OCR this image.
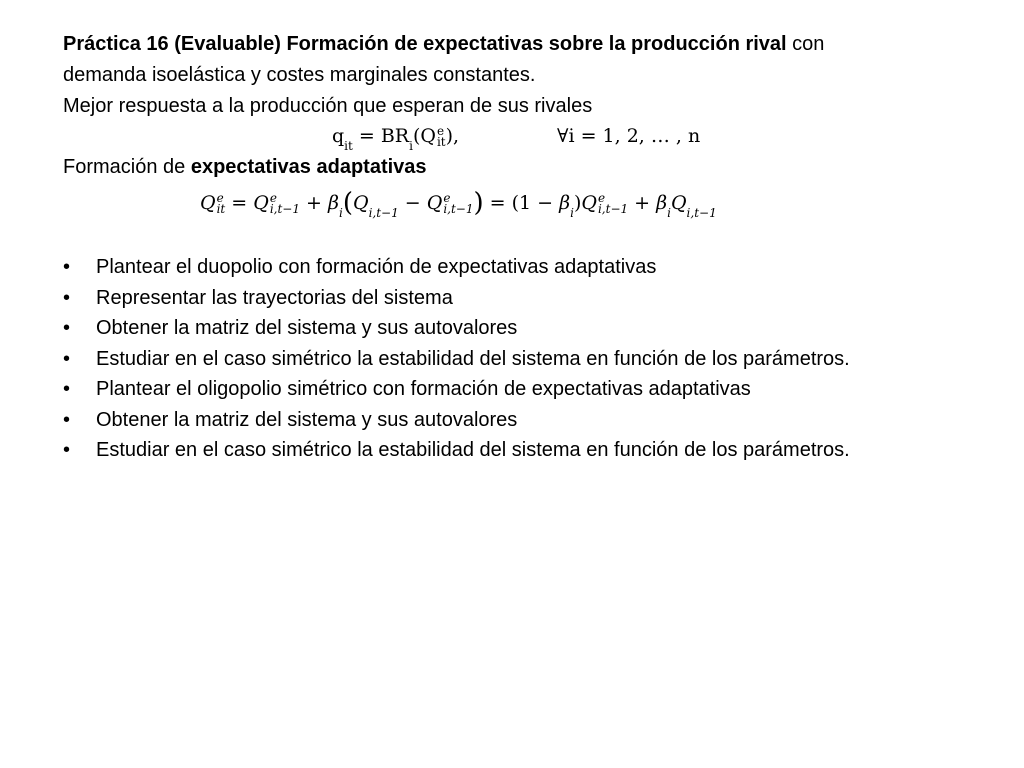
Práctica 16 (Evaluable) Formación de expectativas sobre la producción rival con
demanda isoelástica y costes marginales constantes.
Mejor respuesta a la producción que esperan de sus rivales
$q_{it} = BR_i(Q$ e
it ),	∀i = 1, 2, … , n
Formación de expectativas adaptativas
Q e
it = Q e
$i,t-1 + \beta_i(Q_{i,t-1} - Q$ e
i,t−1 ) = $(1 - \beta_i)Q$ e
$i,t-1 + \beta_iQ_{i,t-1}$
• Plantear el duopolio con formación de expectativas adaptativas
• Representar las trayectorias del sistema
• Obtener la matriz del sistema y sus autovalores
• Estudiar en el caso simétrico la estabilidad del sistema en función de los parámetros.
• Plantear el oligopolio simétrico con formación de expectativas adaptativas
• Obtener la matriz del sistema y sus autovalores
• Estudiar en el caso simétrico la estabilidad del sistema en función de los parámetros.
